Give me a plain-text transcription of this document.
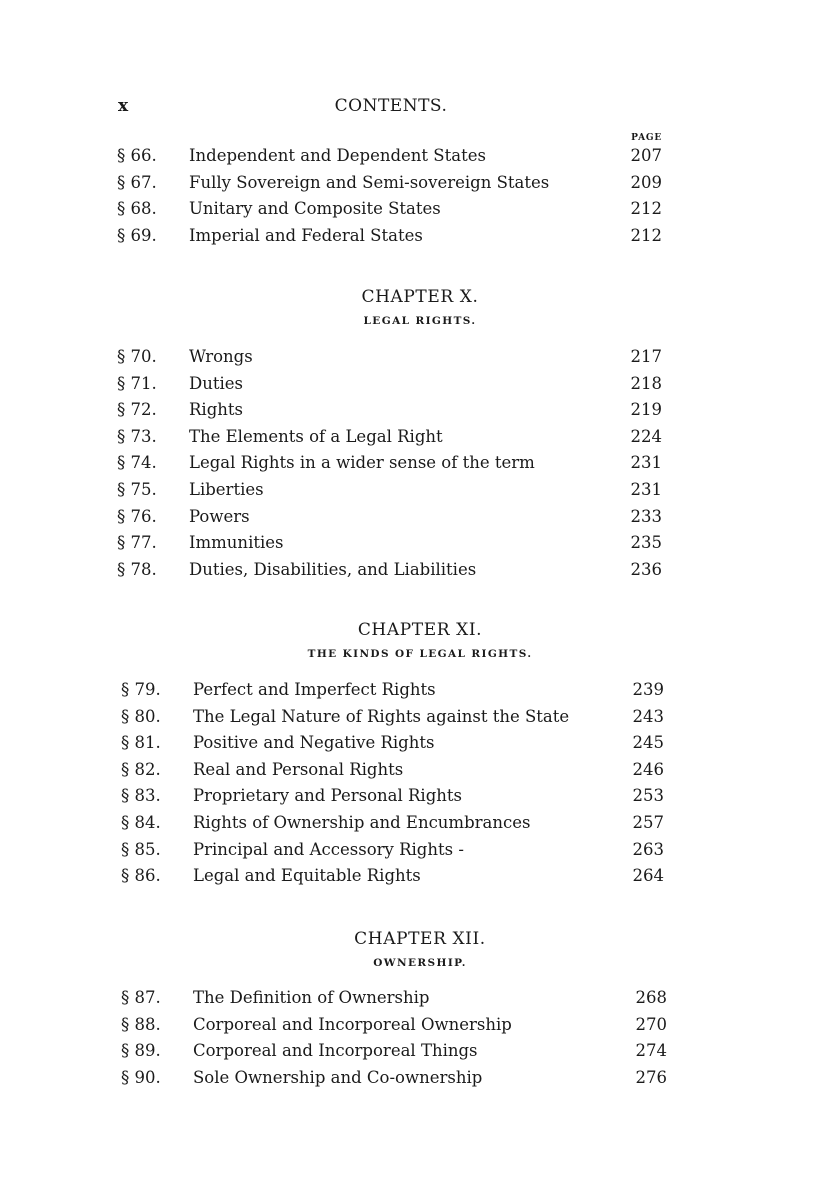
x	CONTENTS.
PAGE
§ 66. Independent and Dependent States	207
§ 67. Fully Sovereign and Semi-sovereign States	209
§ 68. Unitary and Composite States	212
§ 69. Imperial and Federal States	212
CHAPTER X.
LEGAL RIGHTS.
§ 70. Wrongs	217
§ 71. Duties	218
§ 72. Rights	219
§ 73. The Elements of a Legal Right	224
§ 74. Legal Rights in a wider sense of the term	231
§ 75. Liberties	231
§ 76. Powers	233
§ 77. Immunities	235
§ 78. Duties, Disabilities, and Liabilities	236
CHAPTER XI.
THE KINDS OF LEGAL RIGHTS.
§ 79. Perfect and Imperfect Rights	239
§ 80. The Legal Nature of Rights against the State	243
§ 81. Positive and Negative Rights	245
§ 82. Real and Personal Rights	246
§ 83. Proprietary and Personal Rights	253
§ 84. Rights of Ownership and Encumbrances	257
§ 85. Principal and Accessory Rights -	263
§ 86. Legal and Equitable Rights	264
CHAPTER XII.
OWNERSHIP.
§ 87. The Definition of Ownership	268
§ 88. Corporeal and Incorporeal Ownership	270
§ 89. Corporeal and Incorporeal Things	274
§ 90. Sole Ownership and Co-ownership	276
